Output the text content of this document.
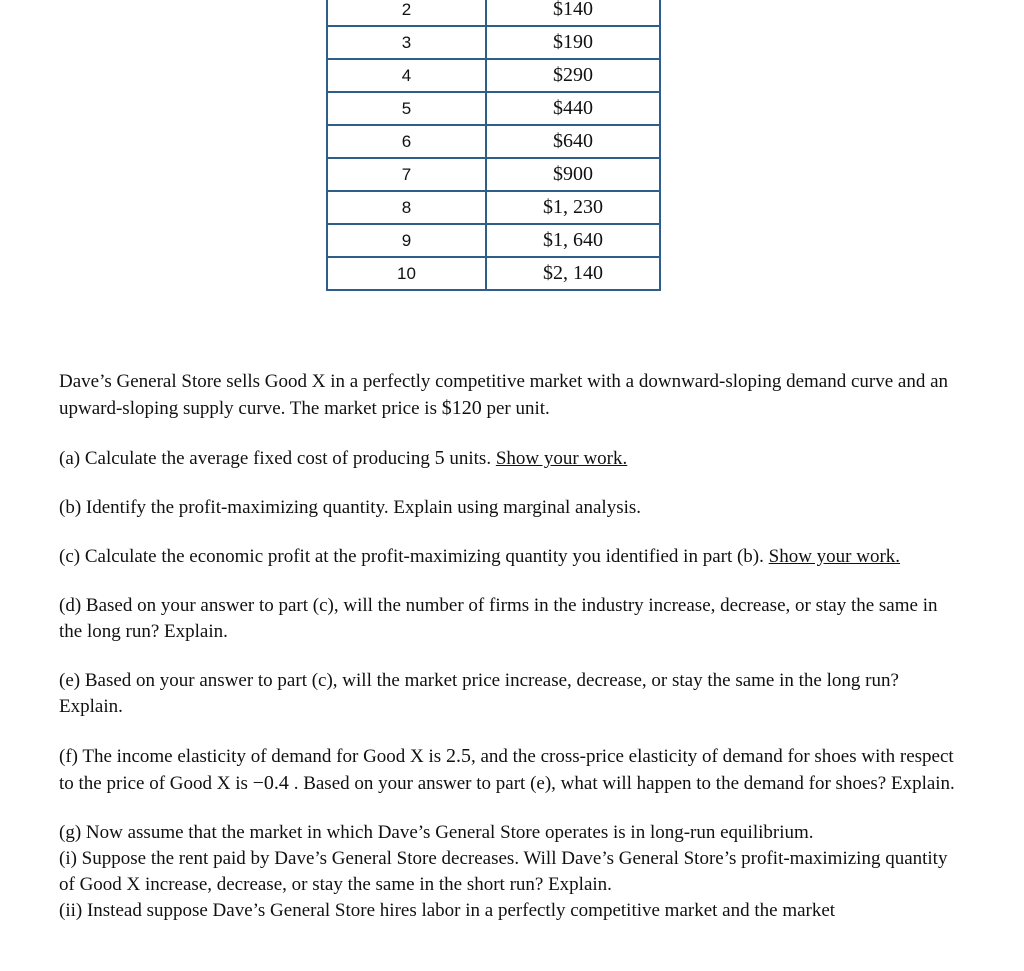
2	$140
3	$190
4	$290
5	$440
6	$640
7	$900
8	$1, 230
9	$1, 640
10	$2, 140

Dave’s General Store sells Good X in a perfectly competitive market with a downward-sloping demand curve and an upward-sloping supply curve. The market price is $120 per unit.

(a) Calculate the average fixed cost of producing 5 units. Show your work.

(b) Identify the profit-maximizing quantity. Explain using marginal analysis.

(c) Calculate the economic profit at the profit-maximizing quantity you identified in part (b). Show your work.

(d) Based on your answer to part (c), will the number of firms in the industry increase, decrease, or stay the same in the long run? Explain.

(e) Based on your answer to part (c), will the market price increase, decrease, or stay the same in the long run? Explain.

(f) The income elasticity of demand for Good X is 2.5, and the cross-price elasticity of demand for shoes with respect to the price of Good X is −0.4 . Based on your answer to part (e), what will happen to the demand for shoes? Explain.

(g) Now assume that the market in which Dave’s General Store operates is in long-run equilibrium.

(i) Suppose the rent paid by Dave’s General Store decreases. Will Dave’s General Store’s profit-maximizing quantity of Good X increase, decrease, or stay the same in the short run? Explain.

(ii) Instead suppose Dave’s General Store hires labor in a perfectly competitive market and the market
